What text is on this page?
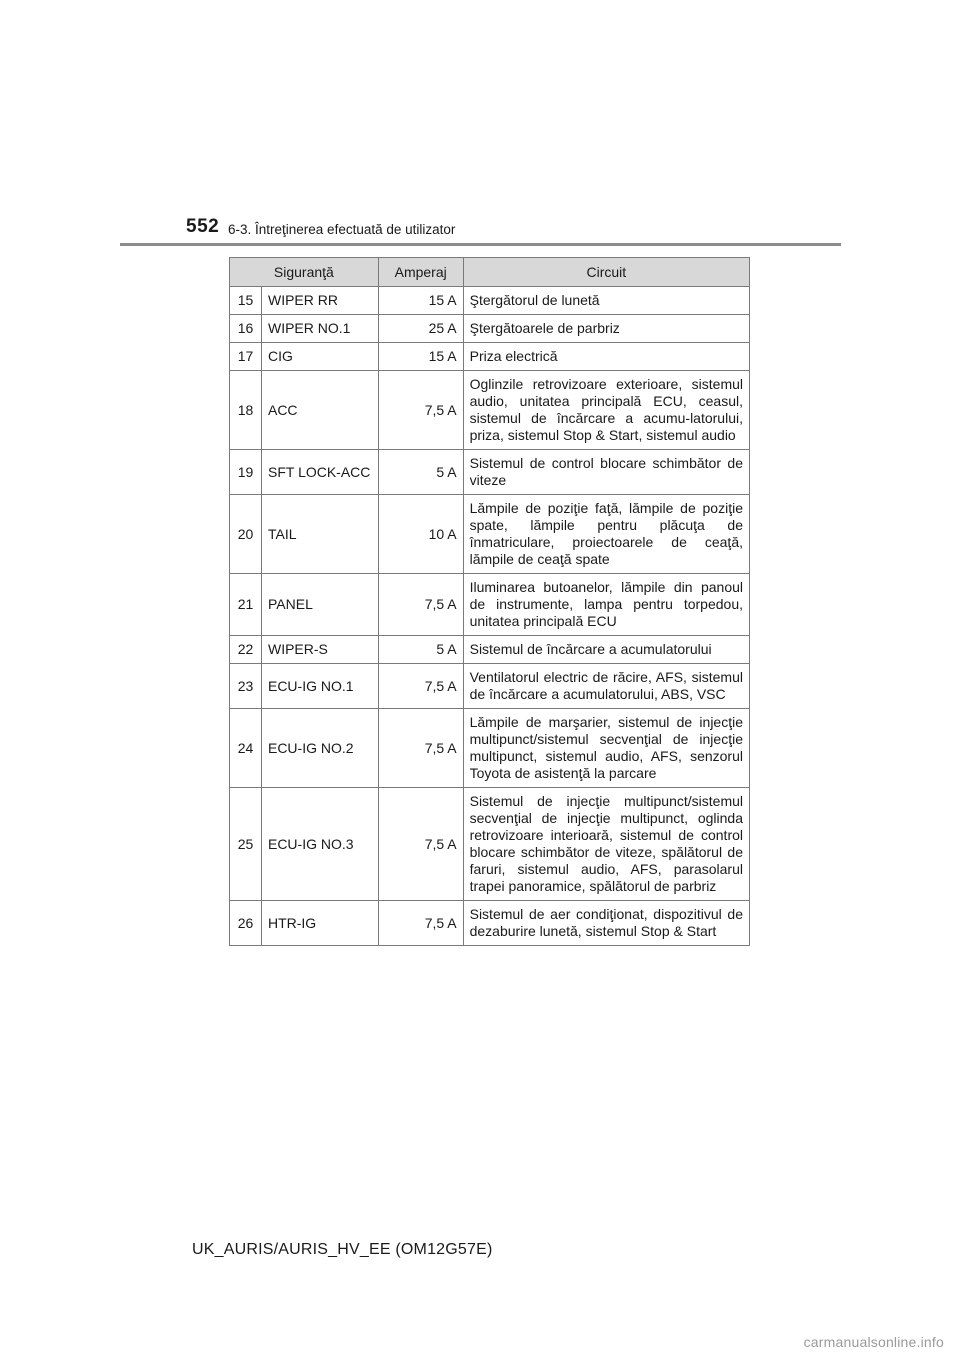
552 6-3. Întreţinerea efectuată de utilizator
Siguranţă		Amperaj	Circuit
15	WIPER RR	15 A	Ştergătorul de lunetă
16	WIPER NO.1	25 A	Ştergătoarele de parbriz
17	CIG	15 A	Priza electrică
18	ACC	7,5 A	Oglinzile retrovizoare exterioare, sistemul audio, unitatea principală ECU, ceasul, sistemul de încărcare a acumu-latorului, priza, sistemul Stop & Start, sistemul audio
19	SFT LOCK-ACC	5 A	Sistemul de control blocare schimbător de viteze
20	TAIL	10 A	Lămpile de poziţie faţă, lămpile de poziţie spate, lămpile pentru plăcuţa de înmatriculare, proiectoarele de ceaţă, lămpile de ceaţă spate
21	PANEL	7,5 A	Iluminarea butoanelor, lămpile din panoul de instrumente, lampa pentru torpedou, unitatea principală ECU
22	WIPER-S	5 A	Sistemul de încărcare a acumulatorului
23	ECU-IG NO.1	7,5 A	Ventilatorul electric de răcire, AFS, sistemul de încărcare a acumulatorului, ABS, VSC
24	ECU-IG NO.2	7,5 A	Lămpile de marşarier, sistemul de injecţie multipunct/sistemul secvenţial de injecţie multipunct, sistemul audio, AFS, senzorul Toyota de asistenţă la parcare
25	ECU-IG NO.3	7,5 A	Sistemul de injecţie multipunct/sistemul secvenţial de injecţie multipunct, oglinda retrovizoare interioară, sistemul de control blocare schimbător de viteze, spălătorul de faruri, sistemul audio, AFS, parasolarul trapei panoramice, spălătorul de parbriz
26	HTR-IG	7,5 A	Sistemul de aer condiţionat, dispozitivul de dezaburire lunetă, sistemul Stop & Start
UK_AURIS/AURIS_HV_EE (OM12G57E)
carmanualsonline.info
